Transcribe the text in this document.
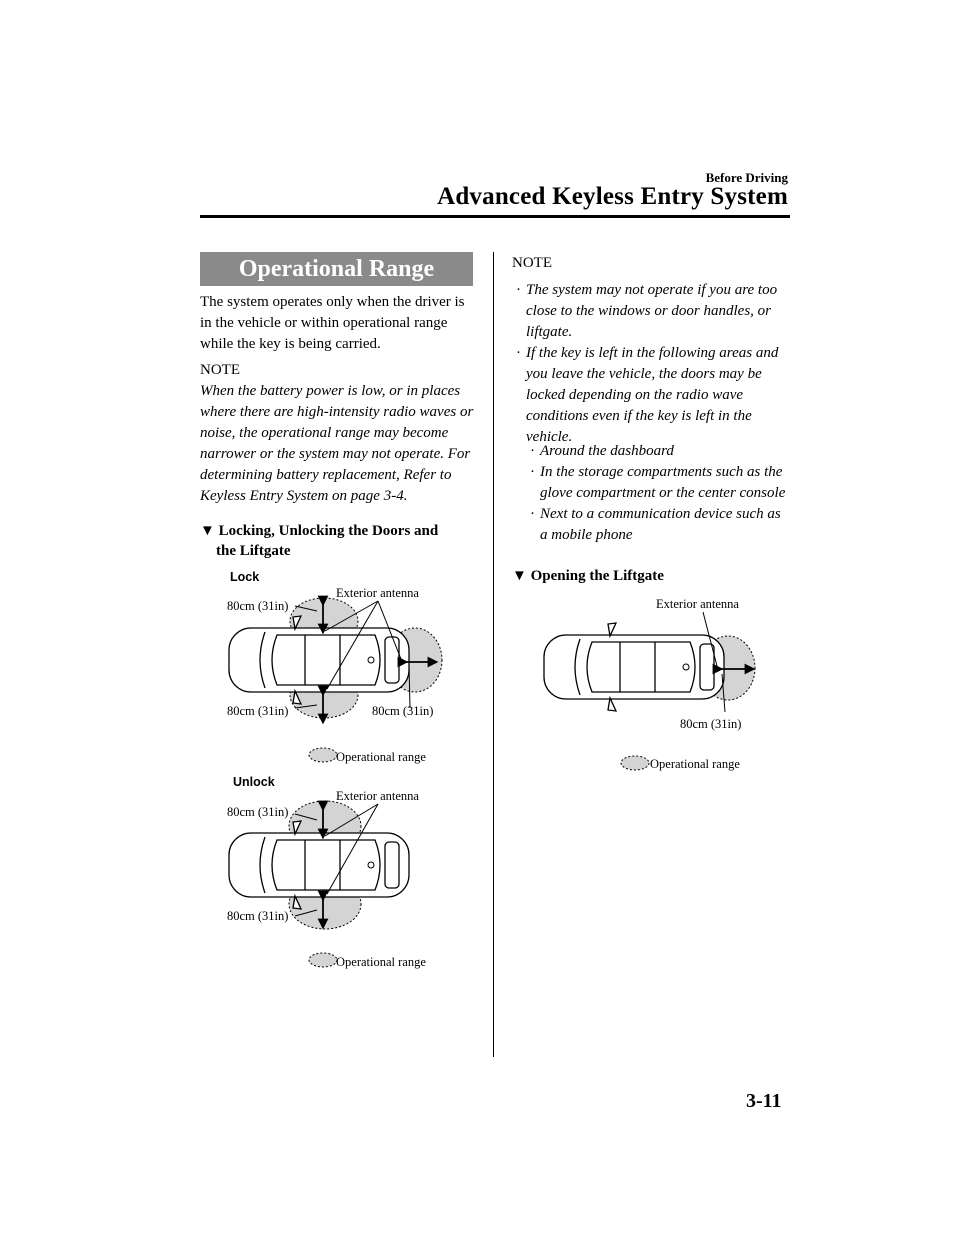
Before Driving
Advanced Keyless Entry System
Operational Range
The system operates only when the driver is in the vehicle or within operational range while the key is being carried.
NOTE
When the battery power is low, or in places where there are high-intensity radio waves or noise, the operational range may become narrower or the system may not operate. For determining battery replacement, Refer to Keyless Entry System on page 3-4.
▼ Locking, Unlocking the Doors and
the Liftgate
Lock
Exterior antenna
80cm (31in)
80cm (31in)	80cm (31in)
Operational range
Unlock
Exterior antenna
80cm (31in)
80cm (31in)
Operational range
NOTE
· The system may not operate if you are too close to the windows or door handles, or liftgate.
· If the key is left in the following areas and you leave the vehicle, the doors may be locked depending on the radio wave conditions even if the key is left in the vehicle.
· Around the dashboard
· In the storage compartments such as the glove compartment or the center console
· Next to a communication device such as a mobile phone
▼ Opening the Liftgate
Exterior antenna
80cm (31in)
Operational range
3-11
